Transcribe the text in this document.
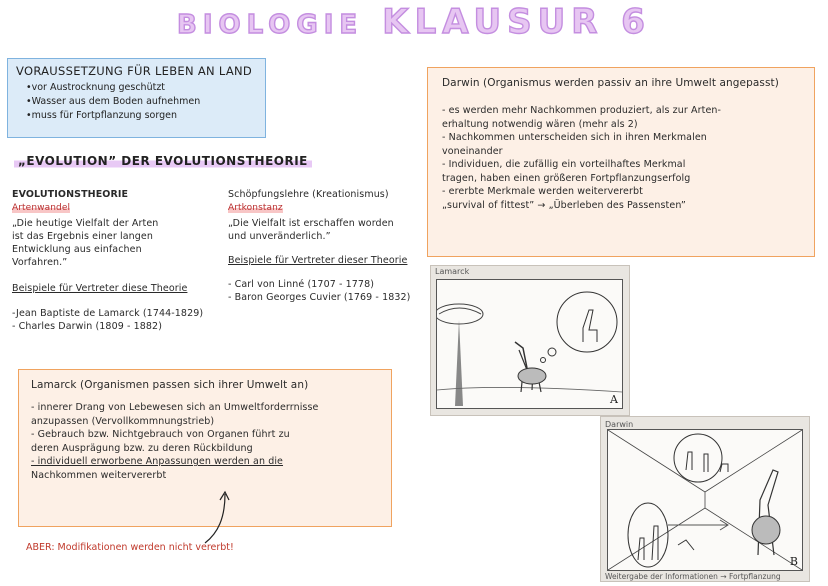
BIOLOGIE KLAUSUR 6
VORAUSSETZUNG FÜR LEBEN AN LAND
• vor Austrocknung geschützt
• Wasser aus dem Boden aufnehmen
• muss für Fortpflanzung sorgen
„EVOLUTION” DER EVOLUTIONSTHEORIE
EVOLUTIONSTHEORIE
Artenwandel
„Die heutige Vielfalt der Arten
ist das Ergebnis einer langen
Entwicklung aus einfachen
Vorfahren.”
Beispiele für Vertreter diese Theorie
-Jean Baptiste de Lamarck (1744-1829)
- Charles Darwin (1809 - 1882)
Schöpfungslehre (Kreationismus)
Artkonstanz
„Die Vielfalt ist erschaffen worden
und unveränderlich.”
Beispiele für Vertreter dieser Theorie
- Carl von Linné (1707 - 1778)
- Baron Georges Cuvier (1769 - 1832)
Lamarck (Organismen passen sich ihrer Umwelt an)

- innerer Drang von Lebewesen sich an Umweltforderrnisse

anzupassen (Vervollkommnungstrieb)

- Gebrauch bzw. Nichtgebrauch von Organen führt zu

deren Ausprägung bzw. zu deren Rückbildung

- individuell erworbene Anpassungen werden an die

Nachkommen weitervererbt

ABER: Modifikationen werden nicht vererbt!
Darwin (Organismus werden passiv an ihre Umwelt angepasst)

- es werden mehr Nachkommen produziert, als zur Arten-

erhaltung notwendig wären (mehr als 2)

- Nachkommen unterscheiden sich in ihren Merkmalen

voneinander

- Individuen, die zufällig ein vorteilhaftes Merkmal

tragen, haben einen größeren Fortpflanzungserfolg

- ererbte Merkmale werden weitervererbt

„survival of fittest” → „Überleben des Passensten”

Lamarck
A
Darwin
B
Weitergabe der Informationen → Fortpflanzung
